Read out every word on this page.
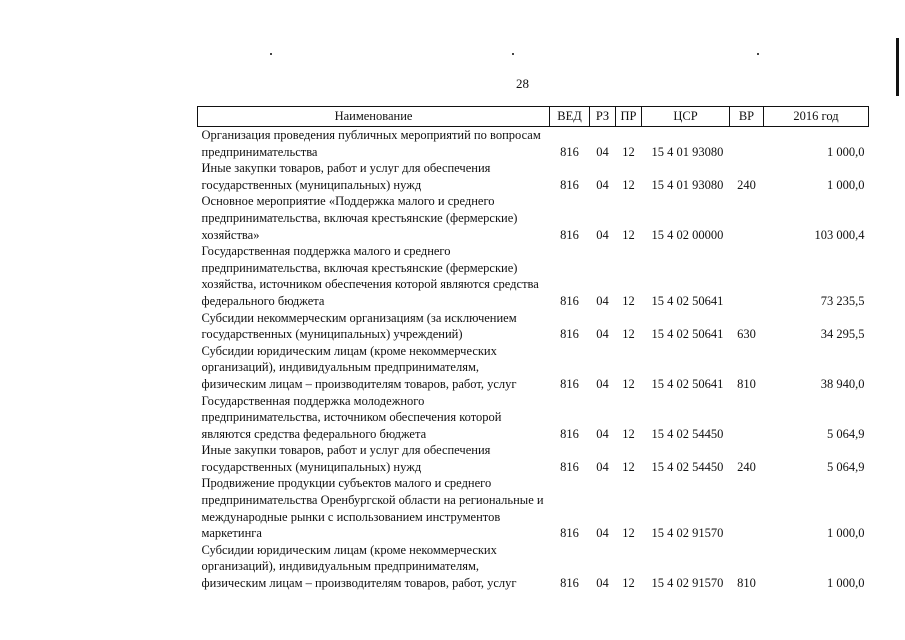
28
Наименование	ВЕД	РЗ	ПР	ЦСР	ВР	2016 год
Организация проведения публичных мероприятий по вопросам предпринимательства	816	04	12	15 4 01 93080		1 000,0
Иные закупки товаров, работ и услуг для обеспечения государственных (муниципальных) нужд	816	04	12	15 4 01 93080	240	1 000,0
Основное мероприятие «Поддержка малого и среднего предпринимательства, включая крестьянские (фермерские) хозяйства»	816	04	12	15 4 02 00000		103 000,4
Государственная поддержка малого и среднего предпринимательства, включая крестьянские (фермерские) хозяйства, источником обеспечения которой являются средства федерального бюджета	816	04	12	15 4 02 50641		73 235,5
Субсидии некоммерческим организациям (за исключением государственных (муниципальных) учреждений)	816	04	12	15 4 02 50641	630	34 295,5
Субсидии юридическим лицам (кроме некоммерческих организаций), индивидуальным предпринимателям, физическим лицам – производителям товаров, работ, услуг	816	04	12	15 4 02 50641	810	38 940,0
Государственная поддержка молодежного предпринимательства, источником обеспечения которой являются средства федерального бюджета	816	04	12	15 4 02 54450		5 064,9
Иные закупки товаров, работ и услуг для обеспечения государственных (муниципальных) нужд	816	04	12	15 4 02 54450	240	5 064,9
Продвижение продукции субъектов малого и среднего предпринимательства Оренбургской области на региональные и международные рынки с использованием инструментов маркетинга	816	04	12	15 4 02 91570		1 000,0
Субсидии юридическим лицам (кроме некоммерческих организаций), индивидуальным предпринимателям, физическим лицам – производителям товаров, работ, услуг	816	04	12	15 4 02 91570	810	1 000,0
